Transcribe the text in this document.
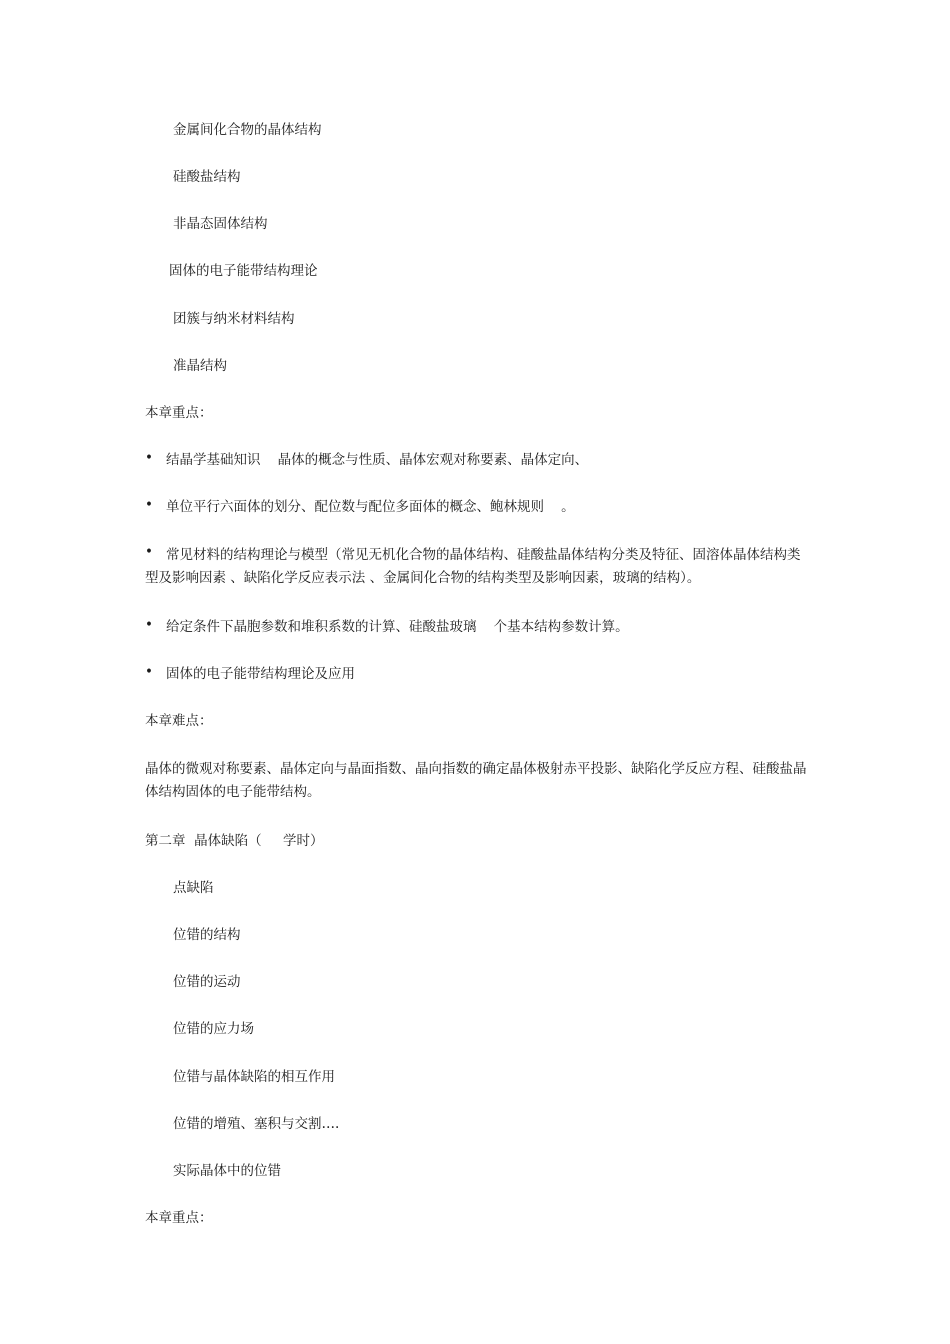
金属间化合物的晶体结构
硅酸盐结构
非晶态固体结构
固体的电子能带结构理论
团簇与纳米材料结构
准晶结构
本章重点：
• 结晶学基础知识    晶体的概念与性质、晶体宏观对称要素、晶体定向、
• 单位平行六面体的划分、配位数与配位多面体的概念、鲍林规则    。
• 常见材料的结构理论与模型（常见无机化合物的晶体结构、硅酸盐晶体结构分类及特征、固溶体晶体结构类型及影响因素 、缺陷化学反应表示法 、金属间化合物的结构类型及影响因素，玻璃的结构）。
• 给定条件下晶胞参数和堆积系数的计算、硅酸盐玻璃    个基本结构参数计算。
• 固体的电子能带结构理论及应用
本章难点：
晶体的微观对称要素、晶体定向与晶面指数、晶向指数的确定晶体极射赤平投影、缺陷化学反应方程、硅酸盐晶体结构固体的电子能带结构。
第二章  晶体缺陷（     学时）
点缺陷
位错的结构
位错的运动
位错的应力场
位错与晶体缺陷的相互作用
位错的增殖、塞积与交割….
实际晶体中的位错
本章重点：
